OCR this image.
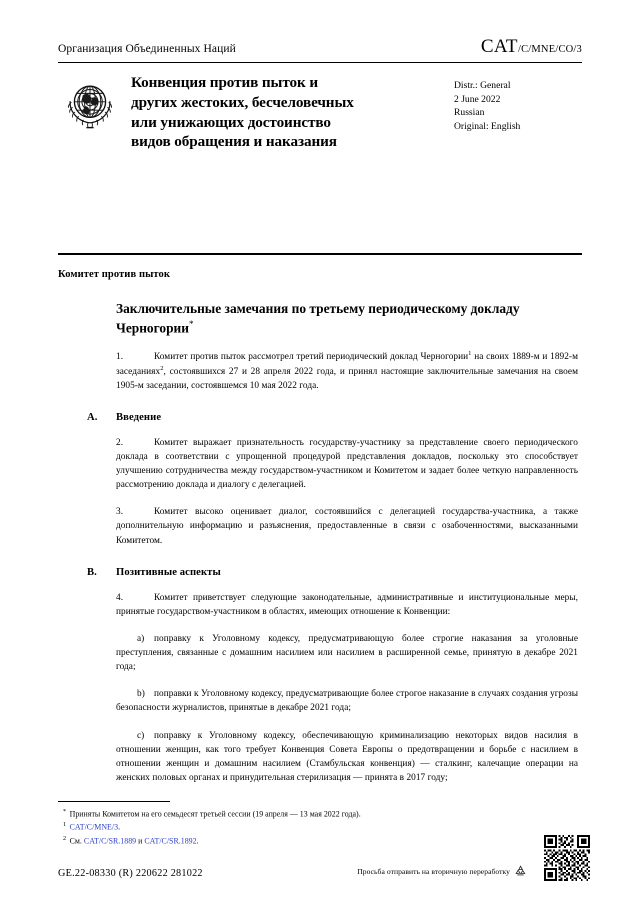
Организация Объединенных Наций	CAT/C/MNE/CO/3
Конвенция против пыток и
других жестоких, бесчеловечных
или унижающих достоинство
видов обращения и наказания
Distr.: General
2 June 2022
Russian
Original: English
Комитет против пыток
Заключительные замечания по третьему периодическому докладу Черногории*
1.	Комитет против пыток рассмотрел третий периодический доклад Черногории$^1$ на своих 1889-м и 1892-м заседаниях$^2$, состоявшихся 27 и 28 апреля 2022 года, и принял настоящие заключительные замечания на своем 1905-м заседании, состоявшемся 10 мая 2022 года.
A. Введение
2.	Комитет выражает признательность государству-участнику за представление своего периодического доклада в соответствии с упрощенной процедурой представления докладов, поскольку это способствует улучшению сотрудничества между государством-участником и Комитетом и задает более четкую направленность рассмотрению доклада и диалогу с делегацией.
3.	Комитет высоко оценивает диалог, состоявшийся с делегацией государства-участника, а также дополнительную информацию и разъяснения, предоставленные в связи с озабоченностями, высказанными Комитетом.
B. Позитивные аспекты
4.	Комитет приветствует следующие законодательные, административные и институциональные меры, принятые государством-участником в областях, имеющих отношение к Конвенции:
a) поправку к Уголовному кодексу, предусматривающую более строгие наказания за уголовные преступления, связанные с домашним насилием или насилием в расширенной семье, принятую в декабре 2021 года;
b) поправки к Уголовному кодексу, предусматривающие более строгое наказание в случаях создания угрозы безопасности журналистов, принятые в декабре 2021 года;
c) поправку к Уголовному кодексу, обеспечивающую криминализацию некоторых видов насилия в отношении женщин, как того требует Конвенция Совета Европы о предотвращении и борьбе с насилием в отношении женщин и домашним насилием (Стамбульская конвенция) — сталкинг, калечащие операции на женских половых органах и принудительная стерилизация — принята в 2017 году;
* Приняты Комитетом на его семьдесят третьей сессии (19 апреля — 13 мая 2022 года).
$^1$ CAT/C/MNE/3.
$^2$ См. CAT/C/SR.1889 и CAT/C/SR.1892.
GE.22-08330 (R) 220622 281022	Просьба отправить на вторичную переработку
